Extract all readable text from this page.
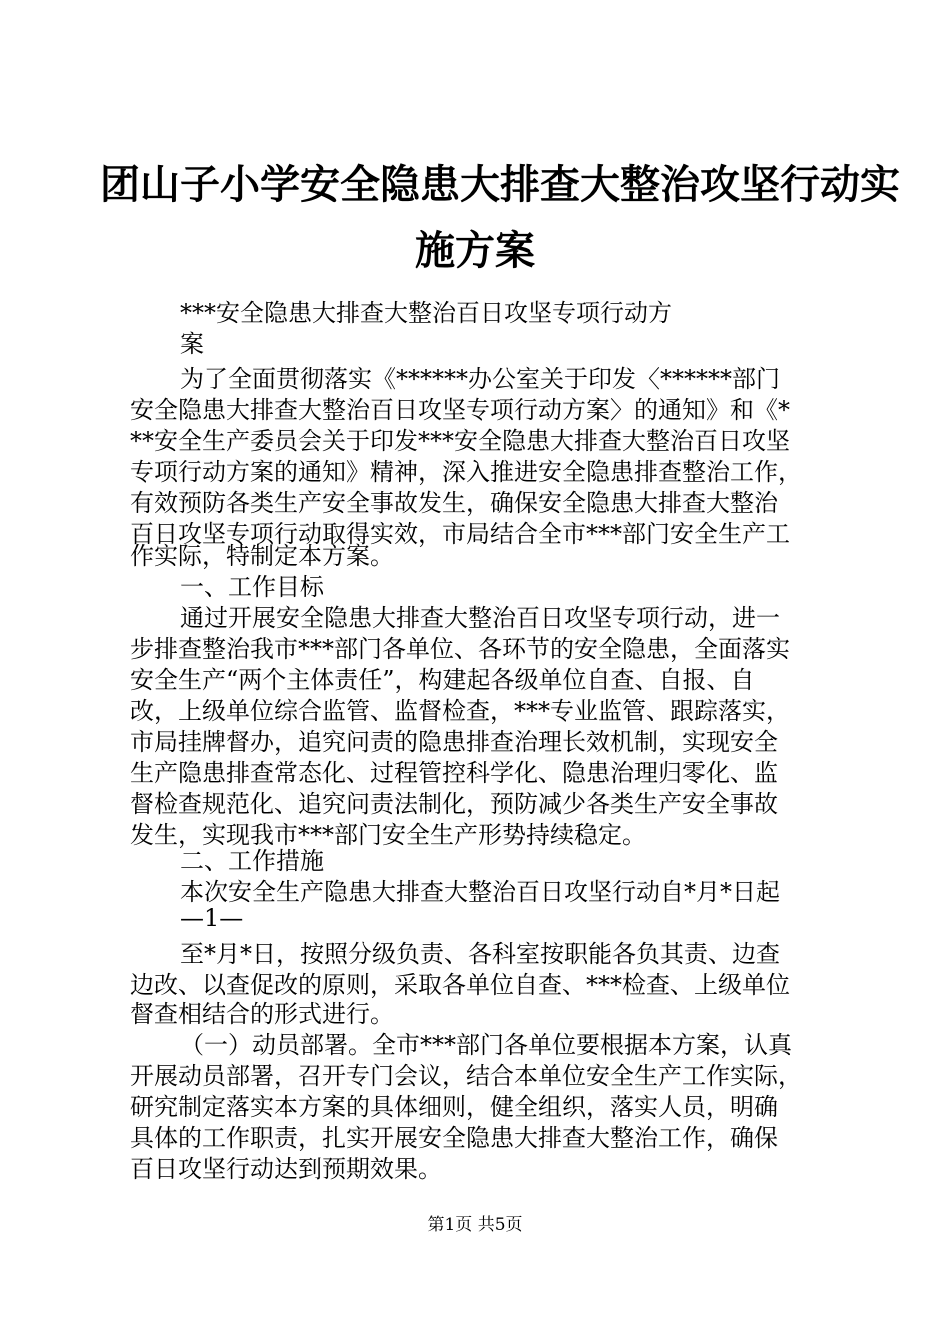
团山子小学安全隐患大排查大整治攻坚行动实
施方案
***安全隐患大排查大整治百日攻坚专项行动方
案
为了全面贯彻落实《******办公室关于印发〈******部门
安全隐患大排查大整治百日攻坚专项行动方案〉的通知》和《*
**安全生产委员会关于印发***安全隐患大排查大整治百日攻坚
专项行动方案的通知》精神，深入推进安全隐患排查整治工作，
有效预防各类生产安全事故发生，确保安全隐患大排查大整治
百日攻坚专项行动取得实效，市局结合全市***部门安全生产工
作实际，特制定本方案。
一、工作目标
通过开展安全隐患大排查大整治百日攻坚专项行动，进一
步排查整治我市***部门各单位、各环节的安全隐患，全面落实
安全生产“两个主体责任”，构建起各级单位自查、自报、自
改，上级单位综合监管、监督检查，***专业监管、跟踪落实，
市局挂牌督办，追究问责的隐患排查治理长效机制，实现安全
生产隐患排查常态化、过程管控科学化、隐患治理归零化、监
督检查规范化、追究问责法制化，预防减少各类生产安全事故
发生，实现我市***部门安全生产形势持续稳定。
二、工作措施
本次安全生产隐患大排查大整治百日攻坚行动自*月*日起
—1—
至*月*日，按照分级负责、各科室按职能各负其责、边查
边改、以查促改的原则，采取各单位自查、***检查、上级单位
督查相结合的形式进行。
（一）动员部署。全市***部门各单位要根据本方案，认真
开展动员部署，召开专门会议，结合本单位安全生产工作实际，
研究制定落实本方案的具体细则，健全组织，落实人员，明确
具体的工作职责，扎实开展安全隐患大排查大整治工作，确保
百日攻坚行动达到预期效果。
第1页 共5页
